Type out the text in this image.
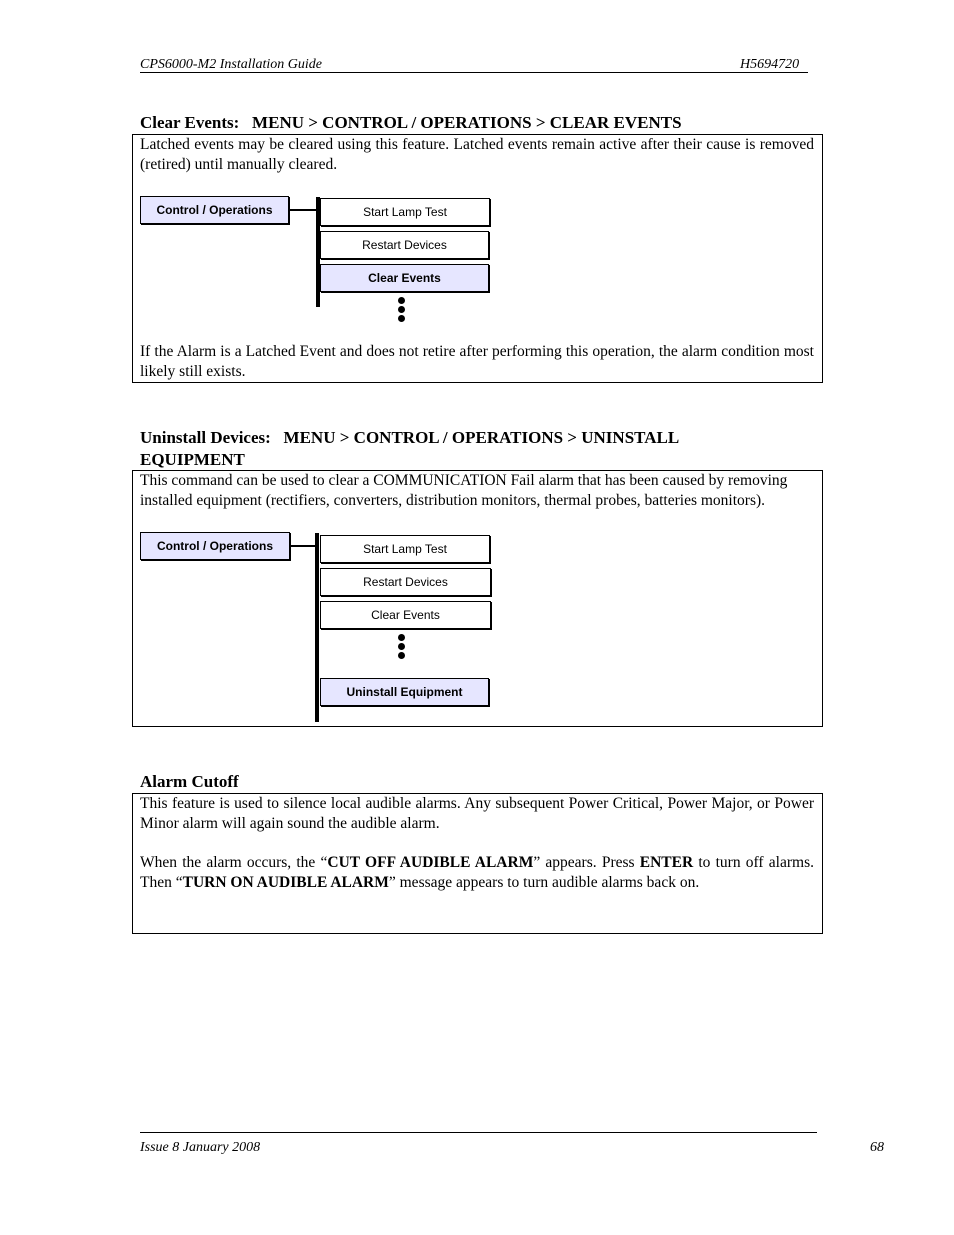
CPS6000-M2 Installation Guide	H5694720
Clear Events:   MENU > CONTROL / OPERATIONS > CLEAR EVENTS
Latched events may be cleared using this feature. Latched events remain active after their cause is removed (retired) until manually cleared.
Control / Operations	Start Lamp Test
Restart Devices
Clear Events
If the Alarm is a Latched Event and does not retire after performing this operation, the alarm condition most likely still exists.
Uninstall Devices:   MENU > CONTROL / OPERATIONS > UNINSTALL
EQUIPMENT
This command can be used to clear a COMMUNICATION Fail alarm that has been caused by removing installed equipment (rectifiers, converters, distribution monitors, thermal probes, batteries monitors).
Control / Operations	Start Lamp Test
Restart Devices
Clear Events
Uninstall Equipment
Alarm Cutoff
This feature is used to silence local audible alarms. Any subsequent Power Critical, Power Major, or Power Minor alarm will again sound the audible alarm.
When the alarm occurs, the “CUT OFF AUDIBLE ALARM” appears. Press ENTER to turn off alarms. Then “TURN ON AUDIBLE ALARM” message appears to turn audible alarms back on.
Issue 8 January 2008	68
